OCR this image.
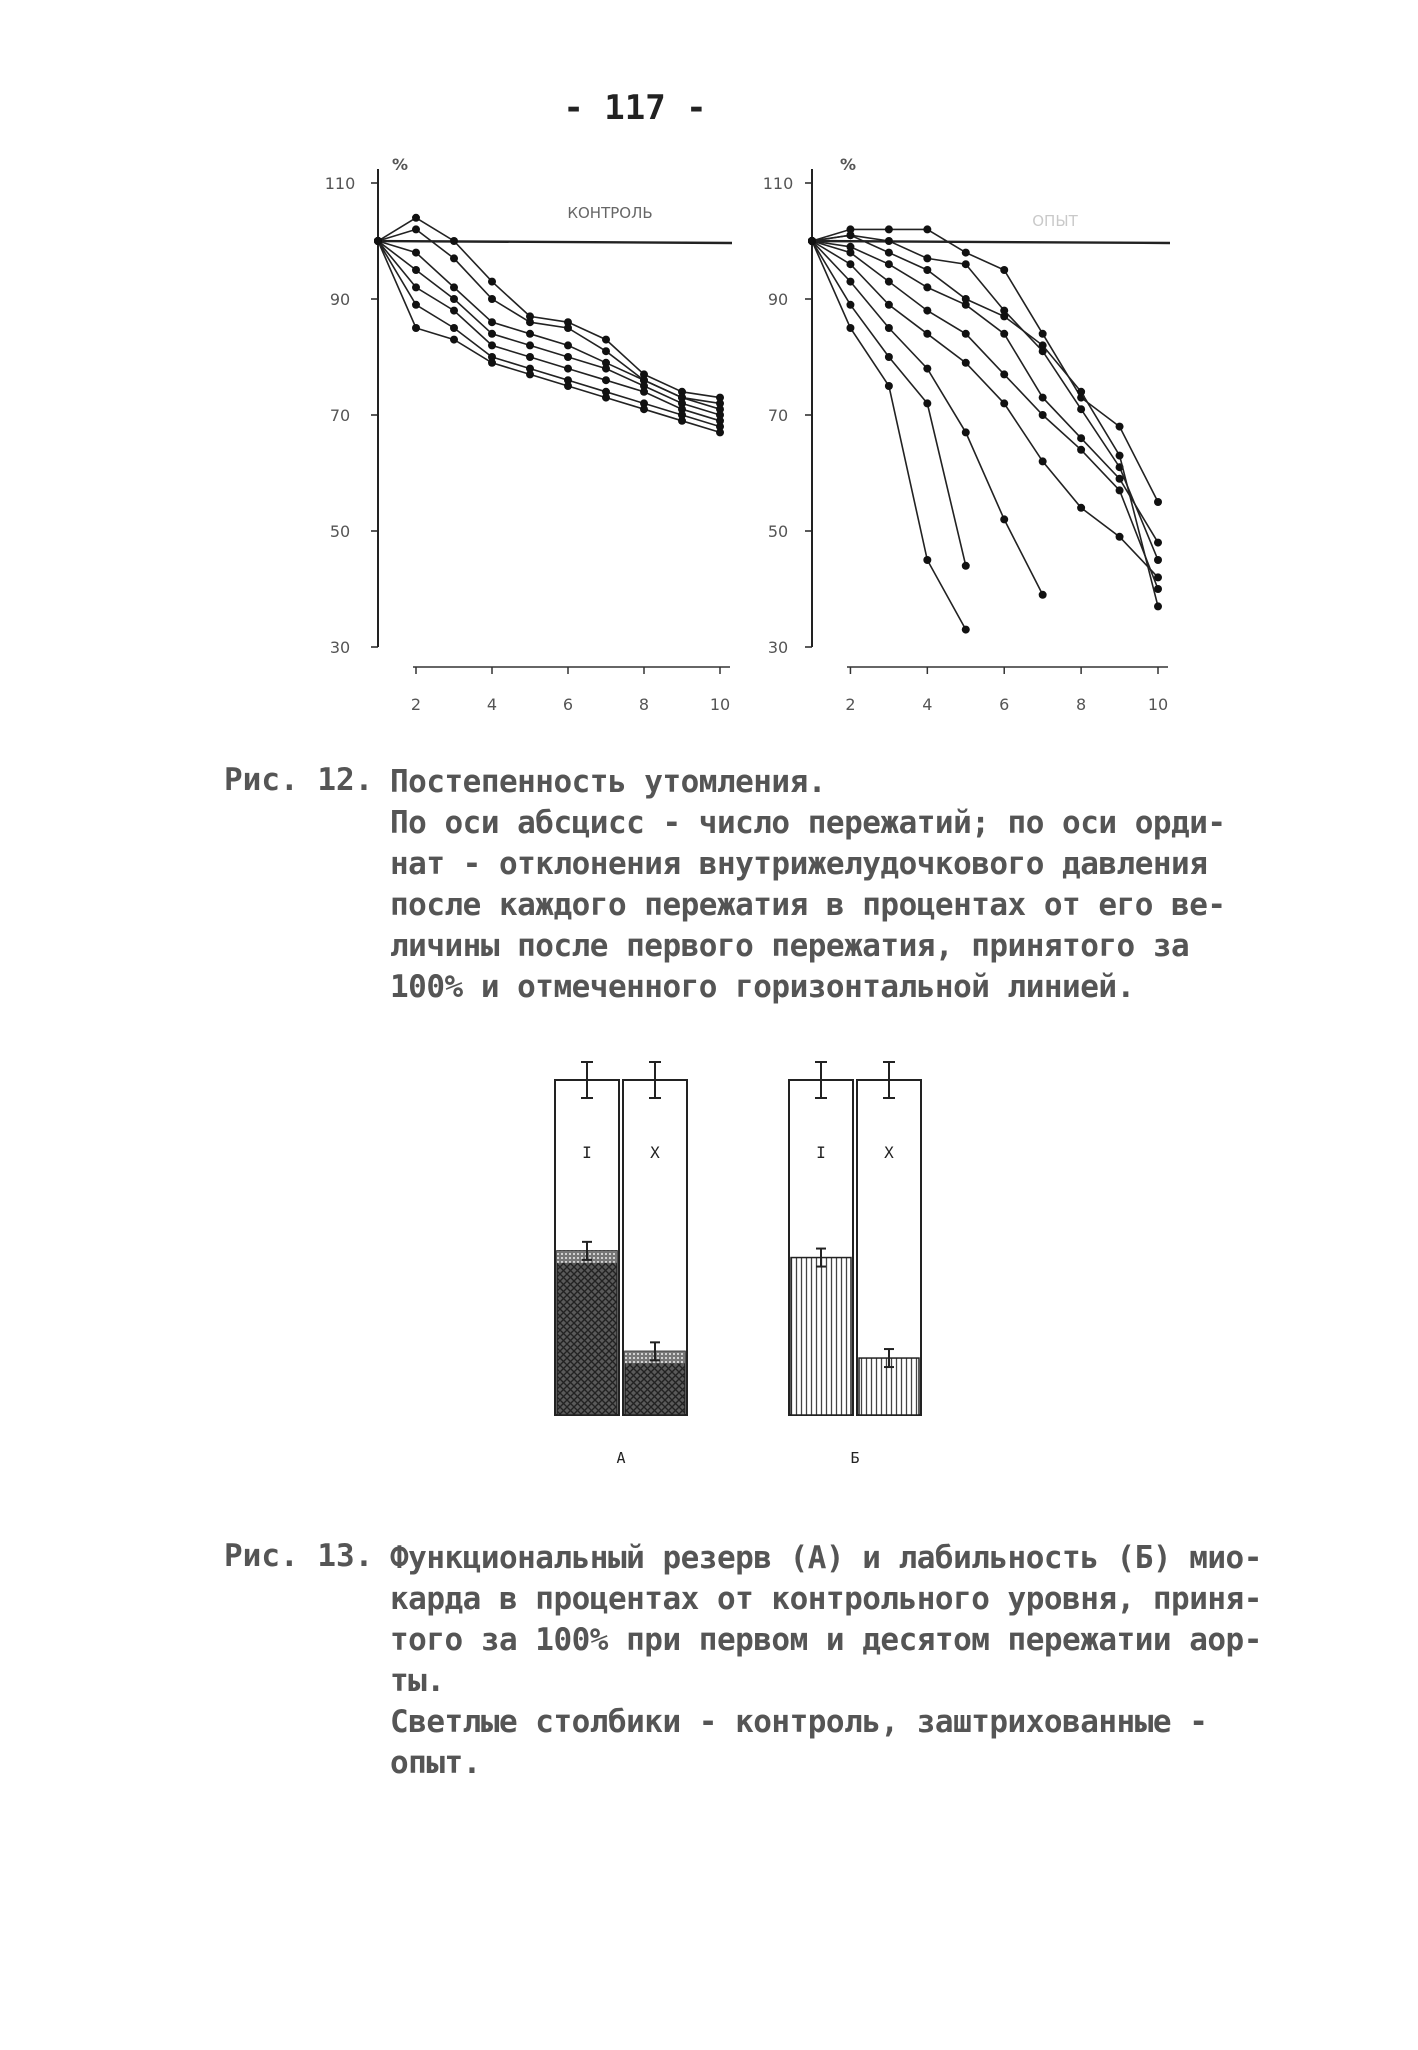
- 117 -
110
90
70
50
30
2	4	6	8	10
%
КОНТРОЛЬ
110
90
70
50
30
2	4	6	8	10
%
ОПЫТ
I	X
А
I	X
Б
Рис. 12. Постепенность утомления.

По оси абсцисс - число пережатий; по оси орди-

нат - отклонения внутрижелудочкового давления

после каждого пережатия в процентах от его ве-

личины после первого пережатия, принятого за

100% и отмеченного горизонтальной линией.

Рис. 13. Функциональный резерв (А) и лабильность (Б) мио-

карда в процентах от контрольного уровня, приня-

того за 100% при первом и десятом пережатии аор-

ты.

Светлые столбики - контроль, заштрихованные -

опыт.
